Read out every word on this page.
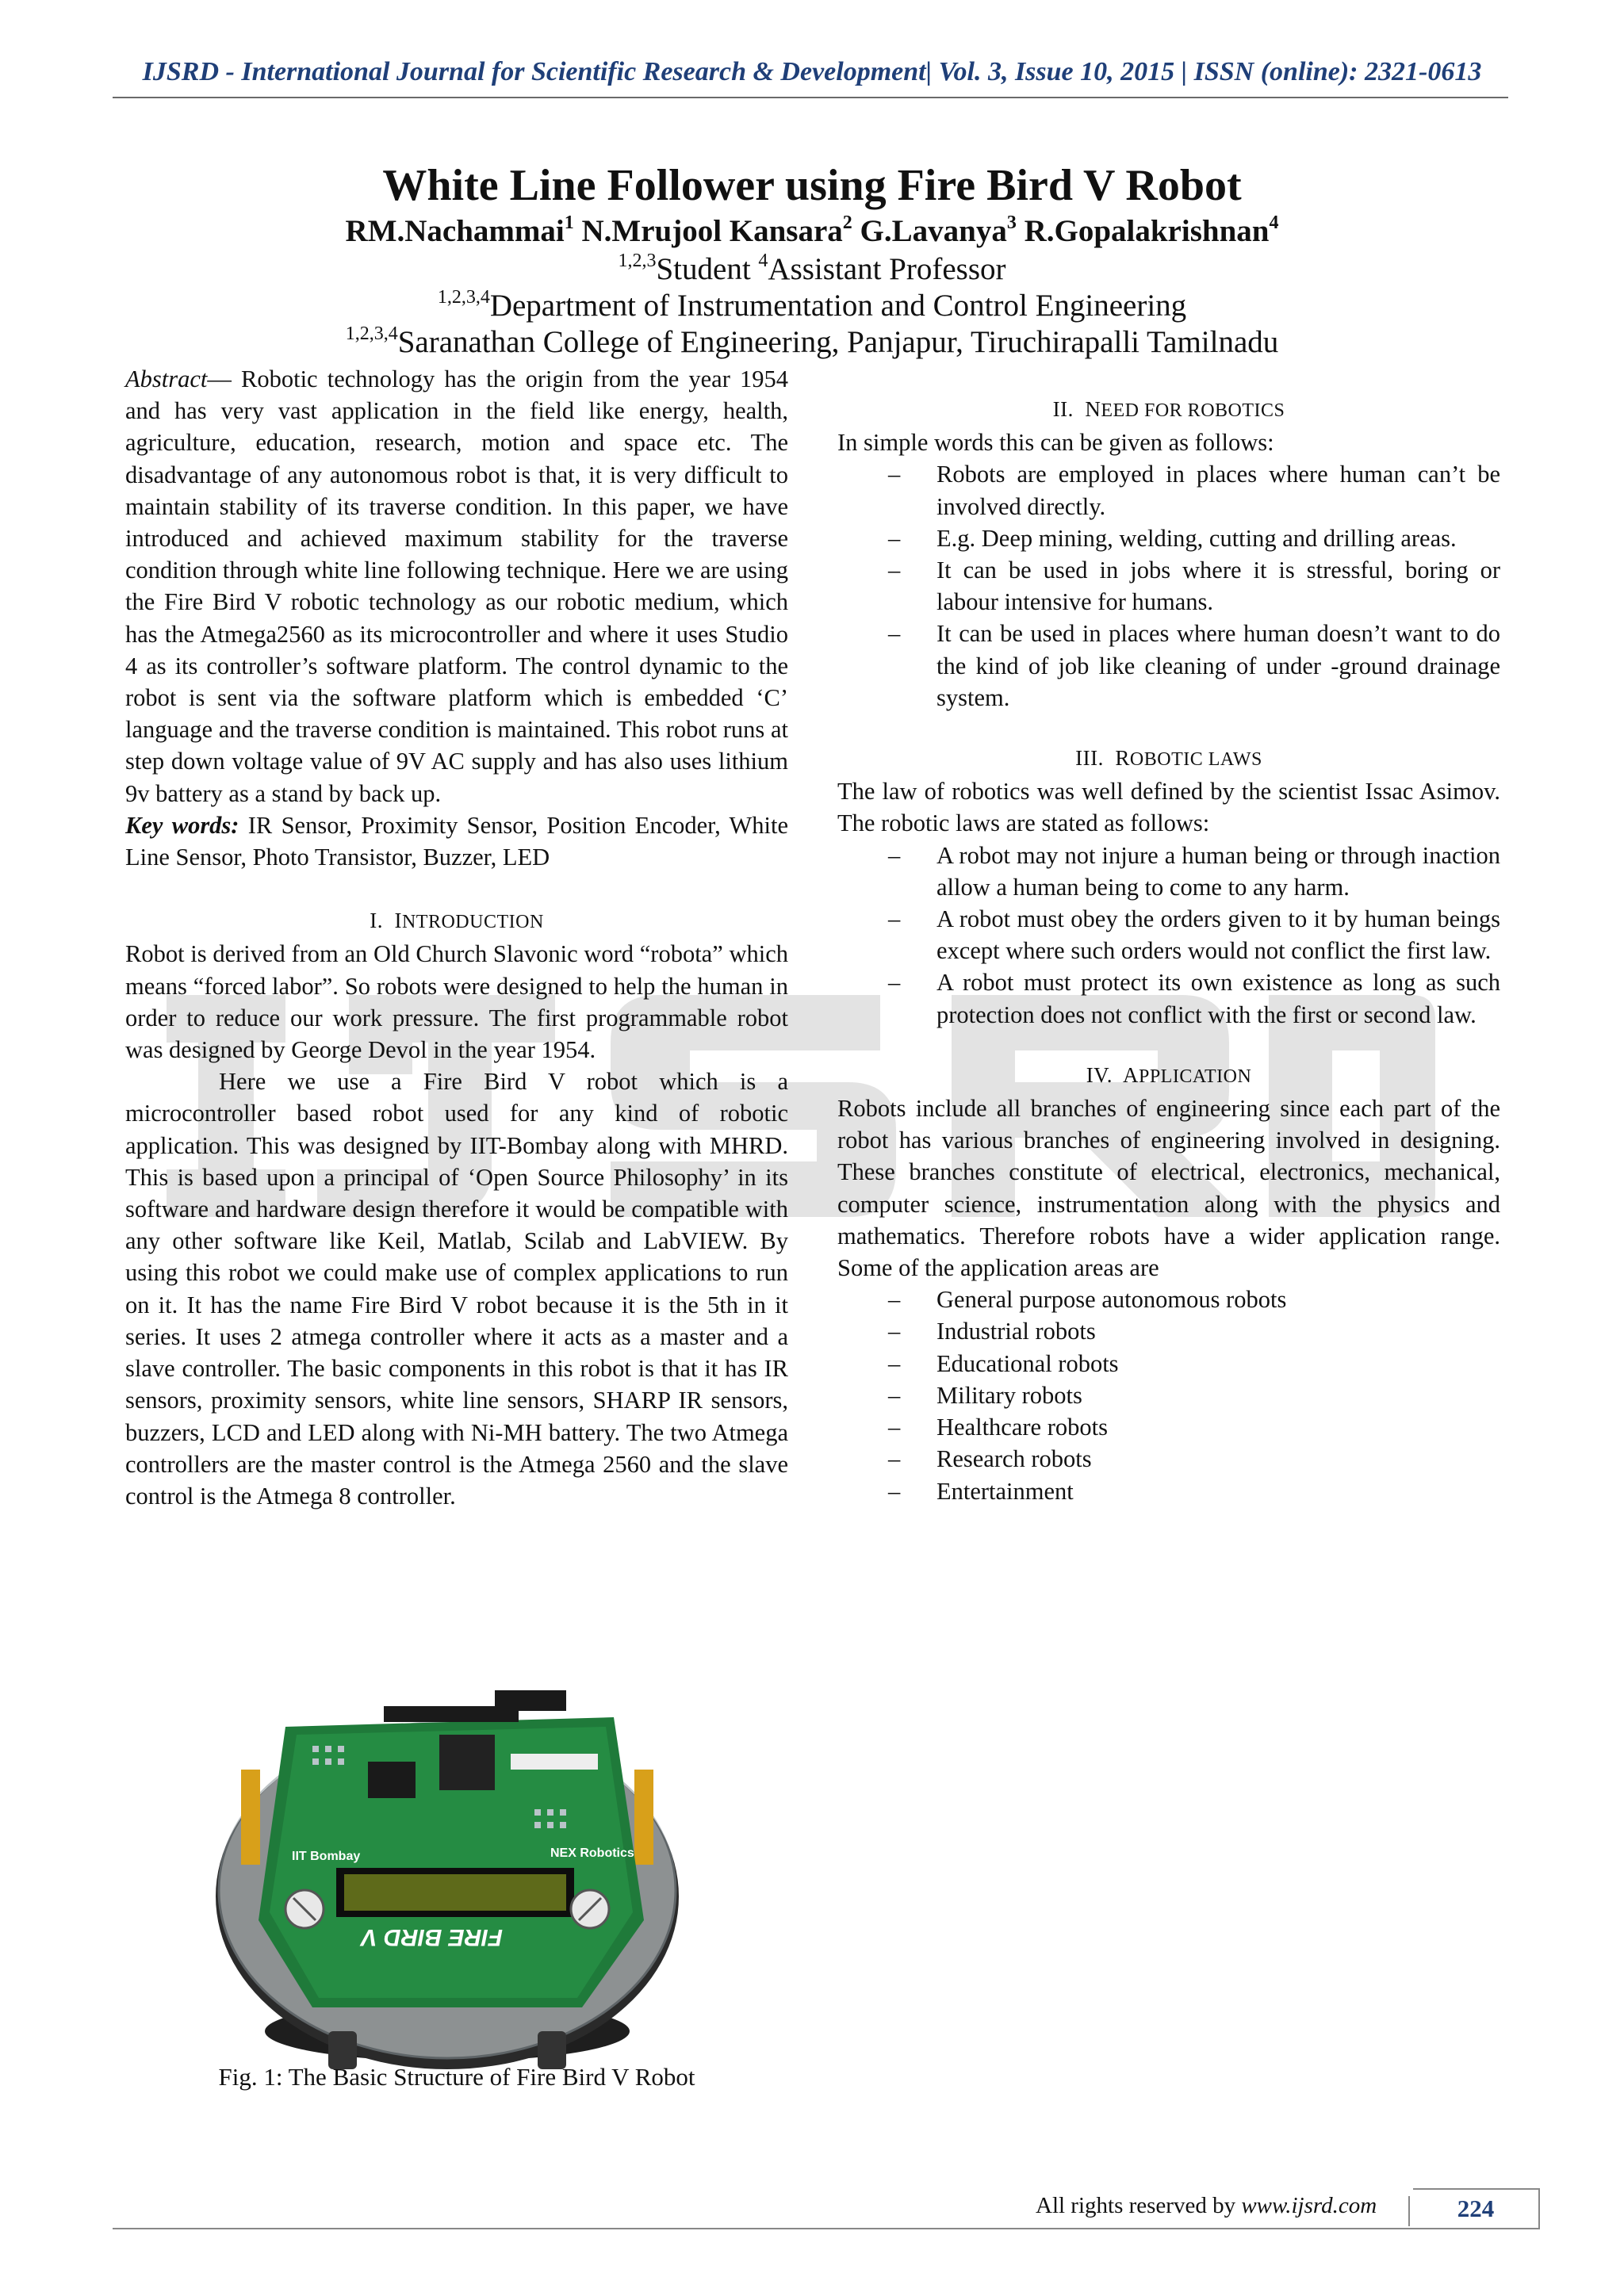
IJSRD - International Journal for Scientific Research & Development| Vol. 3, Issue 10, 2015 | ISSN (online): 2321-0613
White Line Follower using Fire Bird V Robot
RM.Nachammai$^1$ N.Mrujool Kansara$^2$ G.Lavanya$^3$ R.Gopalakrishnan$^4$
$^{1,2,3}$Student $^4$Assistant Professor
$^{1,2,3,4}$Department of Instrumentation and Control Engineering
$^{1,2,3,4}$Saranathan College of Engineering, Panjapur, Tiruchirapalli Tamilnadu

Abstract— Robotic technology has the origin from the year 1954 and has very vast application in the field like energy, health, agriculture, education, research, motion and space etc. The disadvantage of any autonomous robot is that, it is very difficult to maintain stability of its traverse condition. In this paper, we have introduced and achieved maximum stability for the traverse condition through white line following technique. Here we are using the Fire Bird V robotic technology as our robotic medium, which has the Atmega2560 as its microcontroller and where it uses Studio 4 as its controller’s software platform. The control dynamic to the robot is sent via the software platform which is embedded ‘C’ language and the traverse condition is maintained. This robot runs at step down voltage value of 9V AC supply and has also uses lithium 9v battery as a stand by back up.

Key words: IR Sensor, Proximity Sensor, Position Encoder, White Line Sensor, Photo Transistor, Buzzer, LED

I. INTRODUCTION

Robot is derived from an Old Church Slavonic word “robota” which means “forced labor”. So robots were designed to help the human in order to reduce our work pressure. The first programmable robot was designed by George Devol in the year 1954.

Here we use a Fire Bird V robot which is a microcontroller based robot used for any kind of robotic application. This was designed by IIT-Bombay along with MHRD. This is based upon a principal of ‘Open Source Philosophy’ in its software and hardware design therefore it would be compatible with any other software like Keil, Matlab, Scilab and LabVIEW. By using this robot we could make use of complex applications to run on it. It has the name Fire Bird V robot because it is the 5th in it series. It uses 2 atmega controller where it acts as a master and a slave controller. The basic components in this robot is that it has IR sensors, proximity sensors, white line sensors, SHARP IR sensors, buzzers, LCD and LED along with Ni-MH battery. The two Atmega controllers are the master control is the Atmega 2560 and the slave control is the Atmega 8 controller.

IIT Bombay	NEX Robotics
FIRE BIRD V
Fig. 1: The Basic Structure of Fire Bird V Robot

II. NEED FOR ROBOTICS

In simple words this can be given as follows:

– Robots are employed in places where human can’t be involved directly.
– E.g. Deep mining, welding, cutting and drilling areas.
– It can be used in jobs where it is stressful, boring or labour intensive for humans.
– It can be used in places where human doesn’t want to do the kind of job like cleaning of under -ground drainage system.

III. ROBOTIC LAWS

The law of robotics was well defined by the scientist Issac Asimov. The robotic laws are stated as follows:

– A robot may not injure a human being or through inaction allow a human being to come to any harm.
– A robot must obey the orders given to it by human beings except where such orders would not conflict the first law.
– A robot must protect its own existence as long as such protection does not conflict with the first or second law.

IV. APPLICATION

Robots include all branches of engineering since each part of the robot has various branches of engineering involved in designing. These branches constitute of electrical, electronics, mechanical, computer science, instrumentation along with the physics and mathematics. Therefore robots have a wider application range. Some of the application areas are

– General purpose autonomous robots
– Industrial robots
– Educational robots
– Military robots
– Healthcare robots
– Research robots
– Entertainment
All rights reserved by www.ijsrd.com	224
